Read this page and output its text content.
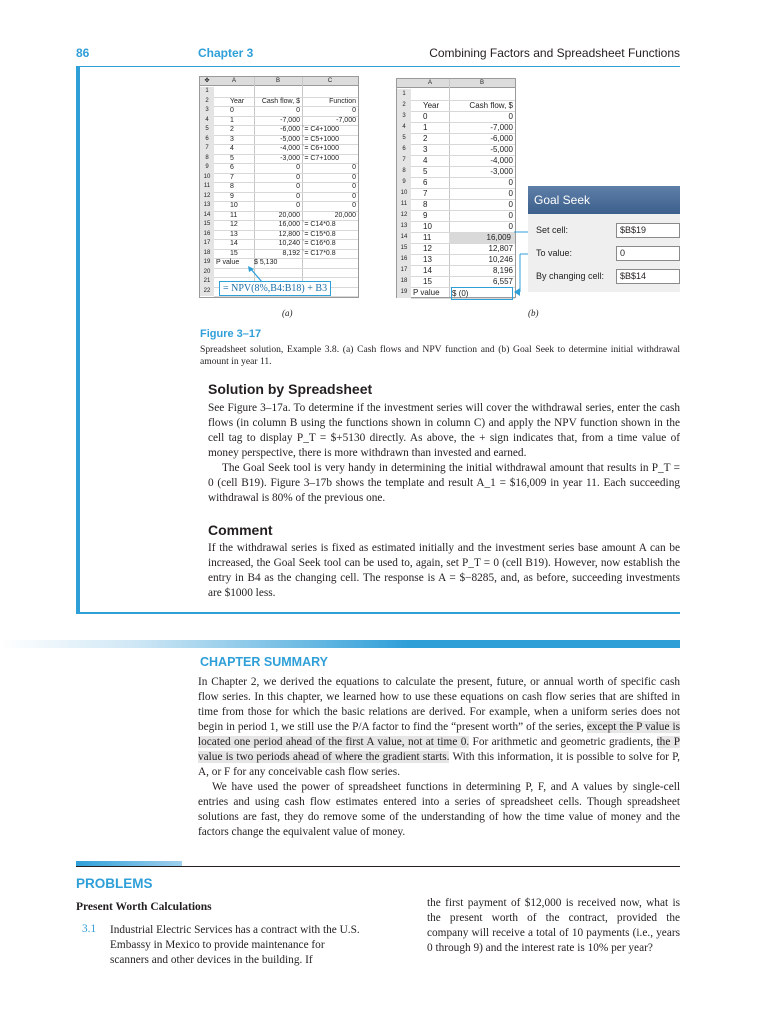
86	Chapter 3	Combining Factors and Spreadsheet Functions
✤	A	B	C
1
2	Year	Cash flow, $	Function
3	0	0	0
4	1	-7,000	-7,000
5	2	-6,000 `= C4+1000
6	3	-5,000 `= C5+1000
7	4	-4,000 `= C6+1000
8	5	-3,000 `= C7+1000
9	6	0	0
10	7	0	0
11	8	0	0
12	9	0	0
13	10	0	0
14	11	20,000	20,000
15	12	16,000 `= C14*0.8
16	13	12,800 `= C15*0.8
17	14	10,240 `= C16*0.8
18	15	8,192 `= C17*0.8
19 P value $ 5,130
20
21
22	= NPV(8%,B4:B18) + B3
A	B
1
2	Year	Cash flow, $
3	0	0
4	1	-7,000
5	2	-6,000
6	3	-5,000
7	4	-4,000
8	5	-3,000
9	6	0
10	7	0
11	8	0
12	9	0
13	10	0
14	11	16,009
15	12	12,807
16	13	10,246
17	14	8,196
18	15	6,557
19 P value $ (0)
Goal Seek
Set cell:	$B$19
To value:	0
By changing cell:	$B$14
(a)	(b)
Figure 3–17
Spreadsheet solution, Example 3.8. (a) Cash flows and NPV function and (b) Goal Seek to determine initial withdrawal amount in year 11.
Solution by Spreadsheet
See Figure 3–17a. To determine if the investment series will cover the withdrawal series, enter the cash flows (in column B using the functions shown in column C) and apply the NPV function shown in the cell tag to display P_T = $+5130 directly. As above, the + sign indicates that, from a time value of money perspective, there is more withdrawn than invested and earned.
The Goal Seek tool is very handy in determining the initial withdrawal amount that results in P_T = 0 (cell B19). Figure 3–17b shows the template and result A_1 = $16,009 in year 11. Each succeeding withdrawal is 80% of the previous one.
Comment
If the withdrawal series is fixed as estimated initially and the investment series base amount A can be increased, the Goal Seek tool can be used to, again, set P_T = 0 (cell B19). However, now establish the entry in B4 as the changing cell. The response is A = $−8285, and, as before, succeeding investments are $1000 less.
CHAPTER SUMMARY
In Chapter 2, we derived the equations to calculate the present, future, or annual worth of specific cash flow series. In this chapter, we learned how to use these equations on cash flow series that are shifted in time from those for which the basic relations are derived. For example, when a uniform series does not begin in period 1, we still use the P/A factor to find the “present worth” of the series, except the P value is located one period ahead of the first A value, not at time 0. For arithmetic and geometric gradients, the P value is two periods ahead of where the gradient starts. With this information, it is possible to solve for P, A, or F for any conceivable cash flow series.
We have used the power of spreadsheet functions in determining P, F, and A values by single-cell entries and using cash flow estimates entered into a series of spreadsheet cells. Though spreadsheet solutions are fast, they do remove some of the understanding of how the time value of money and the factors change the equivalent value of money.
PROBLEMS
Present Worth Calculations
3.1 Industrial Electric Services has a contract with the U.S. Embassy in Mexico to provide maintenance for scanners and other devices in the building. If
the first payment of $12,000 is received now, what is the present worth of the contract, provided the company will receive a total of 10 payments (i.e., years 0 through 9) and the interest rate is 10% per year?
